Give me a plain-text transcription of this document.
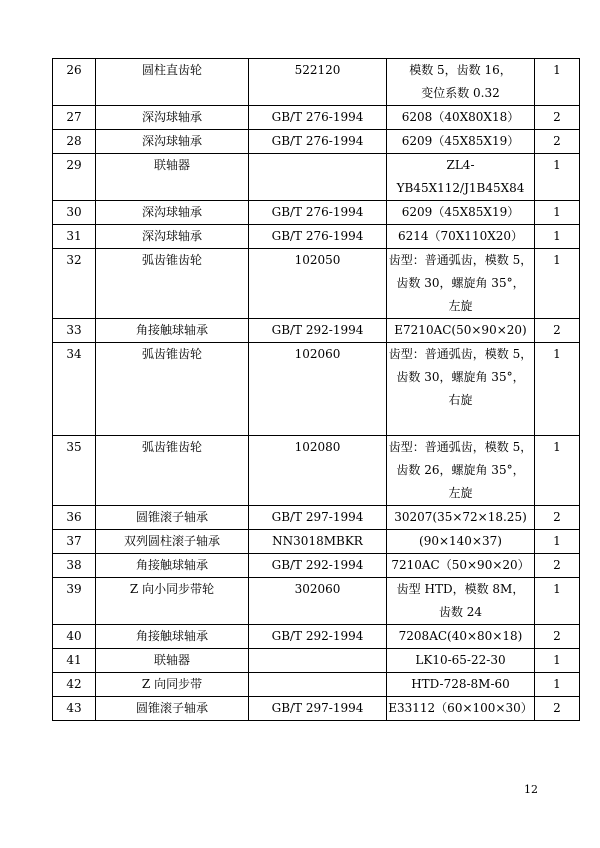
26	圆柱直齿轮	522120	模数 5，齿数 16，
变位系数 0.32	1	
27	深沟球轴承	GB/T 276-1994	6208（40X80X18）	2	
28	深沟球轴承	GB/T 276-1994	6209（45X85X19）	2	
29	联轴器		ZL4-
YB45X112/J1B45X84	1	
30	深沟球轴承	GB/T 276-1994	6209（45X85X19）	1	
31	深沟球轴承	GB/T 276-1994	6214（70X110X20）	1	
32	弧齿锥齿轮	102050	齿型：普通弧齿，模数 5，
齿数 30，螺旋角 35°，
左旋	1	
33	角接触球轴承	GB/T 292-1994	E7210AC(50×90×20)	2	
34	弧齿锥齿轮	102060	齿型：普通弧齿，模数 5，
齿数 30，螺旋角 35°，
右旋	1	
35	弧齿锥齿轮	102080	齿型：普通弧齿，模数 5，
齿数 26，螺旋角 35°，
左旋	1	
36	圆锥滚子轴承	GB/T 297-1994	30207(35×72×18.25)	2	
37	双列圆柱滚子轴承	NN3018MBKR	(90×140×37)	1	
38	角接触球轴承	GB/T 292-1994	7210AC（50×90×20）	2	
39	Z 向小同步带轮	302060	齿型 HTD，模数 8M，
齿数 24	1	
40	角接触球轴承	GB/T 292-1994	7208AC(40×80×18)	2	
41	联轴器		LK10-65-22-30	1	
42	Z 向同步带		HTD-728-8M-60	1	
43	圆锥滚子轴承	GB/T 297-1994	E33112（60×100×30）	2	
12
